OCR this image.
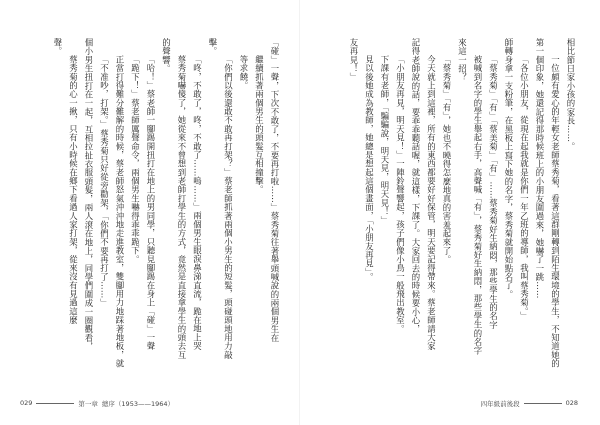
「碰」一聲，下次不敢了，不要再打啦……」蔡秀菊往著舉頭喊說的兩個男生在

繼續抓著兩個男生的頭髮互相撞擊。

等求饒。

「你們以後還敢不敢再打架？」蔡老師抓著兩個小男生的短髮，頭碰頭地用力敲

擊。

「咚，不敢了，咚，不敢了……嗚……」兩個男生眼淚鼻涕直流，跪在地上哭

蔡秀菊嚇傻了，她從來不曾想到老師打學生的方式，竟然是直接拿學生的頭去互

的聲響。

「哈！」蔡老師一腳踢開扭打在地上的男同學，只聽見腳踢在身上「碰」一聲

「跪下！」蔡老師厲聲命令，兩個男生嚇得乖乖跪下。

正當打得難分難解的時候，蔡老師怒氣沖沖地走進教室，雙腳用力地踩著地板，就

「不准吵，打架。」蔡秀菊只好從旁勸架，「你們不要再打了……」

個小男生扭打在一起，互相拉扯衣服頭髮，兩人滾在地上，同學們圍成一圈觀看，

蔡秀菊的心一揪，只有小時候在鄉下看過人家打架，從來沒有見過這麼

聲。

029	第一章 總序（1953——1964）

相比節日家小孩的家長……。

一位頗有愛心的年輕女老師蔡秀菊，看著這群剛轉到陌生環境的學生，不知道她的

第一個印象，她還記得那時候班上的小朋友圍過來，她嚇了一跳……

「各位小朋友，從現在起我就是你們一年乙班的導師，我叫蔡秀菊。」

師轉身拿一支粉筆，在黑板上寫下她的名字，蔡秀菊就開始點名了。

「蔡秀菊」「有」「蔡美菊」「有」……蔡秀菊好生納悶，那些學生的名字

被喊到名字的學生舉起右手，高聲喊「有」，蔡秀菊好生納悶，那些學生的名字

來這一招？

「蔡秀菊」「有」，她也不曉得怎麼地真的害羞起來了。

今天就上到這裡，所有的東西都要好好保管，明天要記得帶來。蔡老師請大家

記得老師說的話，要乖乖聽話喔，就這樣，下課了。大家回去的時候要小心，

「小朋友再見，明天見！」一陣鈴聲響起，孩子們像小鳥一般飛出教室。

下課有老師，「騙騙說，明天見，明天見！」

見以後她成為教師，她總是想起這個畫面，「小朋友再見」。

友再見！」

四年級前後段	028
